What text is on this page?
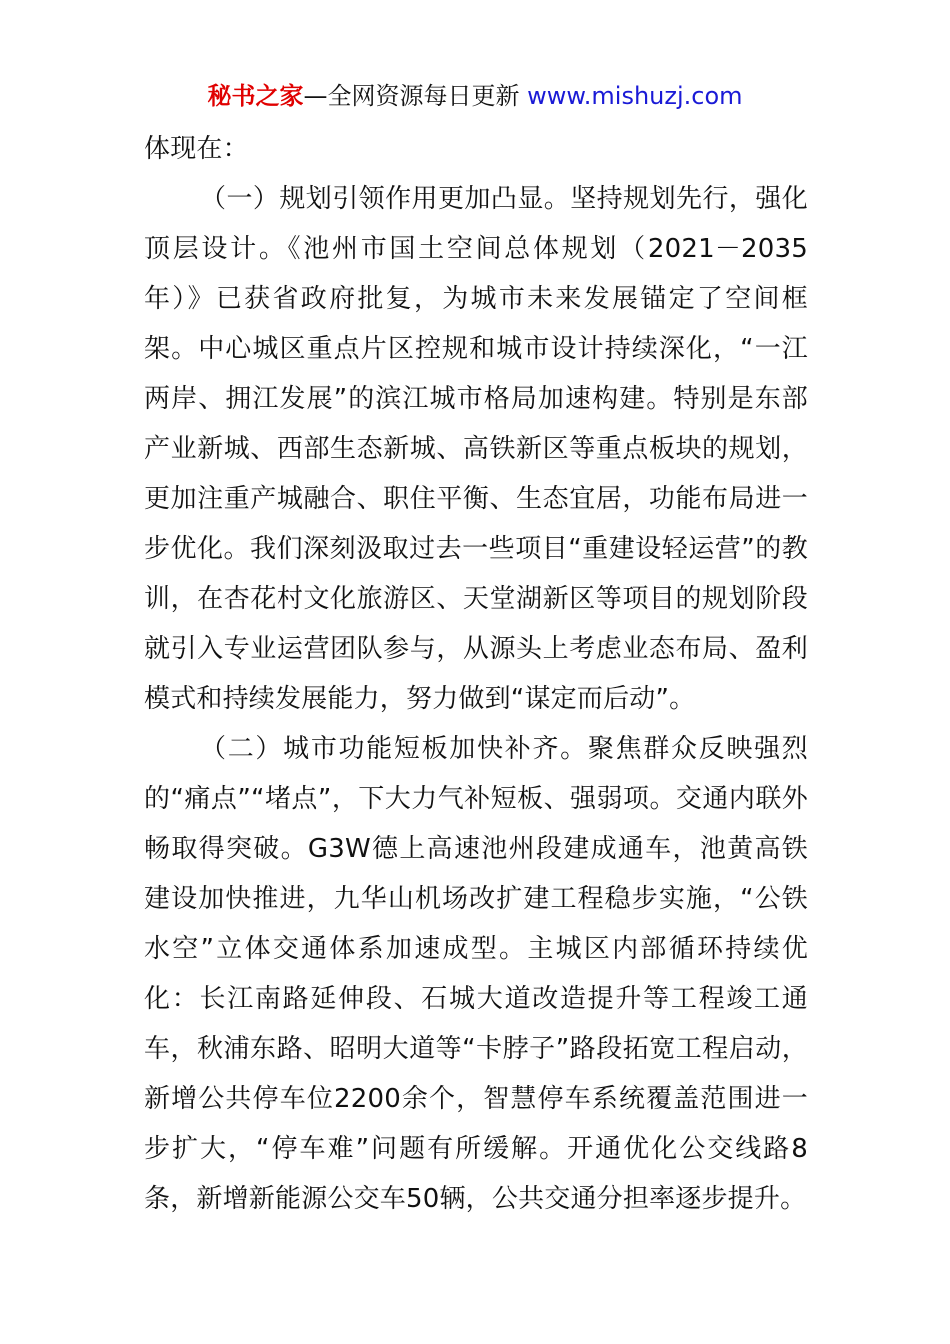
秘书之家—全网资源每日更新 www.mishuzj.com

体现在：

（一）规划引领作用更加凸显。坚持规划先行，强化顶层设计。《池州市国土空间总体规划（2021－2035年）》已获省政府批复，为城市未来发展锚定了空间框架。中心城区重点片区控规和城市设计持续深化，“一江两岸、拥江发展”的滨江城市格局加速构建。特别是东部产业新城、西部生态新城、高铁新区等重点板块的规划，更加注重产城融合、职住平衡、生态宜居，功能布局进一步优化。我们深刻汲取过去一些项目“重建设轻运营”的教训，在杏花村文化旅游区、天堂湖新区等项目的规划阶段就引入专业运营团队参与，从源头上考虑业态布局、盈利模式和持续发展能力，努力做到“谋定而后动”。

（二）城市功能短板加快补齐。聚焦群众反映强烈的“痛点”“堵点”，下大力气补短板、强弱项。交通内联外畅取得突破。G3W德上高速池州段建成通车，池黄高铁建设加快推进，九华山机场改扩建工程稳步实施，“公铁水空”立体交通体系加速成型。主城区内部循环持续优化：长江南路延伸段、石城大道改造提升等工程竣工通车，秋浦东路、昭明大道等“卡脖子”路段拓宽工程启动，新增公共停车位2200余个，智慧停车系统覆盖范围进一步扩大，“停车难”问题有所缓解。开通优化公交线路8条，新增新能源公交车50辆，公共交通分担率逐步提升。
